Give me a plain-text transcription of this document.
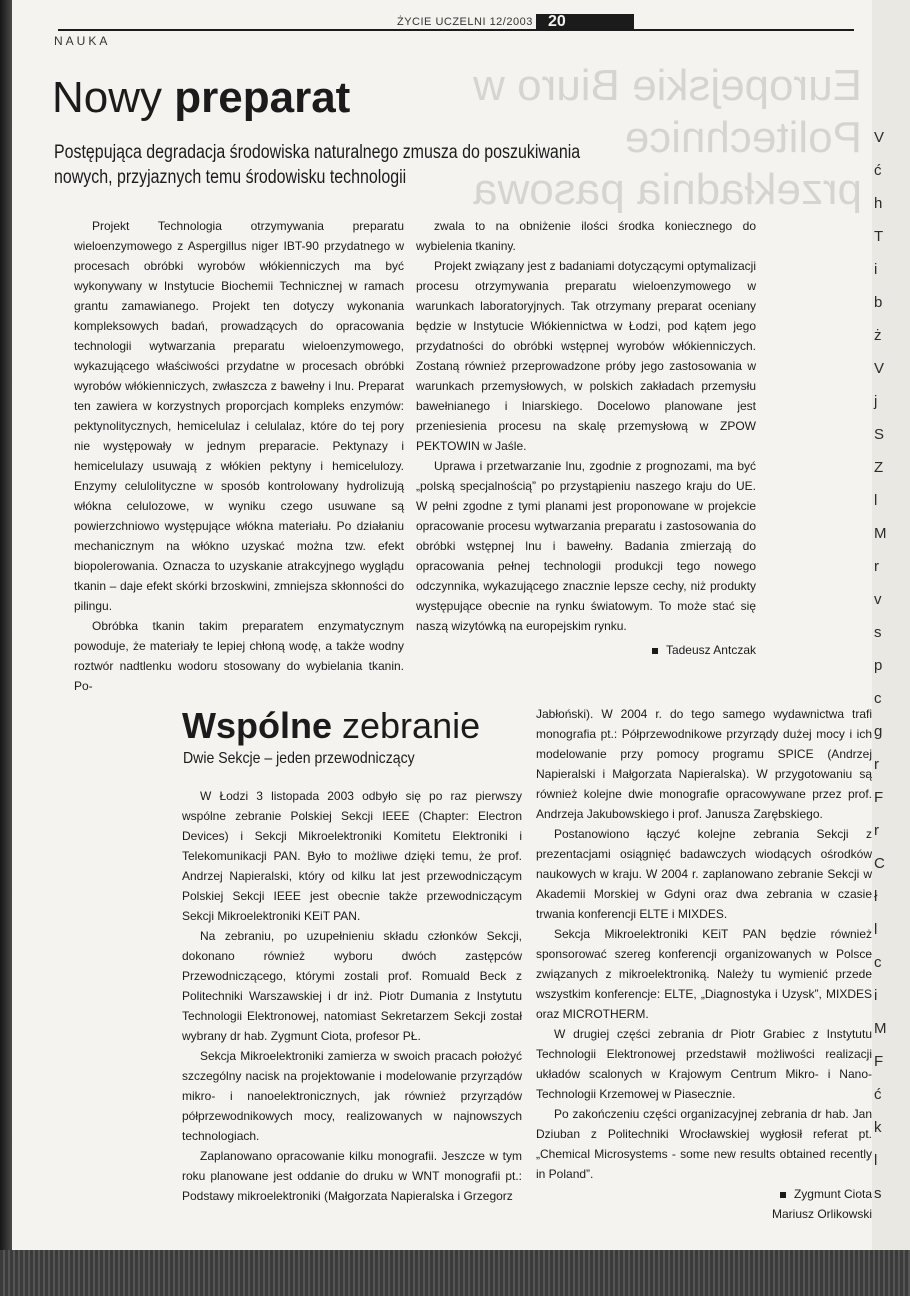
ŻYCIE UCZELNI 12/2003 20
NAUKA
Europejskie Biuro w Politechnice przekładnia pasowa
Nowy preparat
Postępująca degradacja środowiska naturalnego zmusza do poszukiwania nowych, przyjaznych temu środowisku technologii

Projekt Technologia otrzymywania preparatu wieloenzymowego z Aspergillus niger IBT-90 przydatnego w procesach obróbki wyrobów włókienniczych ma być wykonywany w Instytucie Biochemii Technicznej w ramach grantu zamawianego. Projekt ten dotyczy wykonania kompleksowych badań, prowadzących do opracowania technologii wytwarzania preparatu wieloenzymowego, wykazującego właściwości przydatne w procesach obróbki wyrobów włókienniczych, zwłaszcza z bawełny i lnu. Preparat ten zawiera w korzystnych proporcjach kompleks enzymów: pektynolitycznych, hemicelulaz i celulalaz, które do tej pory nie występowały w jednym preparacie. Pektynazy i hemicelulazy usuwają z włókien pektyny i hemicelulozy. Enzymy celulolityczne w sposób kontrolowany hydrolizują włókna celulozowe, w wyniku czego usuwane są powierzchniowo występujące włókna materiału. Po działaniu mechanicznym na włókno uzyskać można tzw. efekt biopolerowania. Oznacza to uzyskanie atrakcyjnego wyglądu tkanin – daje efekt skórki brzoskwini, zmniejsza skłonności do pilingu.

Obróbka tkanin takim preparatem enzymatycznym powoduje, że materiały te lepiej chłoną wodę, a także wodny roztwór nadtlenku wodoru stosowany do wybielania tkanin. Po-

zwala to na obniżenie ilości środka koniecznego do wybielenia tkaniny.

Projekt związany jest z badaniami dotyczącymi optymalizacji procesu otrzymywania preparatu wieloenzymowego w warunkach laboratoryjnych. Tak otrzymany preparat oceniany będzie w Instytucie Włókiennictwa w Łodzi, pod kątem jego przydatności do obróbki wstępnej wyrobów włókienniczych. Zostaną również przeprowadzone próby jego zastosowania w warunkach przemysłowych, w polskich zakładach przemysłu bawełnianego i lniarskiego. Docelowo planowane jest przeniesienia procesu na skalę przemysłową w ZPOW PEKTOWIN w Jaśle.

Uprawa i przetwarzanie lnu, zgodnie z prognozami, ma być „polską specjalnością” po przystąpieniu naszego kraju do UE. W pełni zgodne z tymi planami jest proponowane w projekcie opracowanie procesu wytwarzania preparatu i zastosowania do obróbki wstępnej lnu i bawełny. Badania zmierzają do opracowania pełnej technologii produkcji tego nowego odczynnika, wykazującego znacznie lepsze cechy, niż produkty występujące obecnie na rynku światowym. To może stać się naszą wizytówką na europejskim rynku.

Tadeusz Antczak

Wspólne zebranie
Dwie Sekcje – jeden przewodniczący

W Łodzi 3 listopada 2003 odbyło się po raz pierwszy wspólne zebranie Polskiej Sekcji IEEE (Chapter: Electron Devices) i Sekcji Mikroelektroniki Komitetu Elektroniki i Telekomunikacji PAN. Było to możliwe dzięki temu, że prof. Andrzej Napieralski, który od kilku lat jest przewodniczącym Polskiej Sekcji IEEE jest obecnie także przewodniczącym Sekcji Mikroelektroniki KEiT PAN.

Na zebraniu, po uzupełnieniu składu członków Sekcji, dokonano również wyboru dwóch zastępców Przewodniczącego, którymi zostali prof. Romuald Beck z Politechniki Warszawskiej i dr inż. Piotr Dumania z Instytutu Technologii Elektronowej, natomiast Sekretarzem Sekcji został wybrany dr hab. Zygmunt Ciota, profesor PŁ.

Sekcja Mikroelektroniki zamierza w swoich pracach położyć szczególny nacisk na projektowanie i modelowanie przyrządów mikro- i nanoelektronicznych, jak również przyrządów półprzewodnikowych mocy, realizowanych w najnowszych technologiach.

Zaplanowano opracowanie kilku monografii. Jeszcze w tym roku planowane jest oddanie do druku w WNT monografii pt.: Podstawy mikroelektroniki (Małgorzata Napieralska i Grzegorz

Jabłoński). W 2004 r. do tego samego wydawnictwa trafi monografia pt.: Półprzewodnikowe przyrządy dużej mocy i ich modelowanie przy pomocy programu SPICE (Andrzej Napieralski i Małgorzata Napieralska). W przygotowaniu są również kolejne dwie monografie opracowywane przez prof. Andrzeja Jakubowskiego i prof. Janusza Zarębskiego.

Postanowiono łączyć kolejne zebrania Sekcji z prezentacjami osiągnięć badawczych wiodących ośrodków naukowych w kraju. W 2004 r. zaplanowano zebranie Sekcji w Akademii Morskiej w Gdyni oraz dwa zebrania w czasie trwania konferencji ELTE i MIXDES.

Sekcja Mikroelektroniki KEiT PAN będzie również sponsorować szereg konferencji organizowanych w Polsce związanych z mikroelektroniką. Należy tu wymienić przede wszystkim konferencje: ELTE, „Diagnostyka i Uzysk”, MIXDES oraz MICROTHERM.

W drugiej części zebrania dr Piotr Grabiec z Instytutu Technologii Elektronowej przedstawił możliwości realizacji układów scalonych w Krajowym Centrum Mikro- i Nano- Technologii Krzemowej w Piasecznie.

Po zakończeniu części organizacyjnej zebrania dr hab. Jan Dziuban z Politechniki Wrocławskiej wygłosił referat pt. „Chemical Microsystems - some new results obtained recently in Poland”.

Zygmunt Ciota

Mariusz Orlikowski

V
ć
h
T
i
b
ż
V
j
S
Z
l
M
r
v
s
p
c
g
r
F
r
C
ł
l
c
i
M
F
ć
k
l
s
